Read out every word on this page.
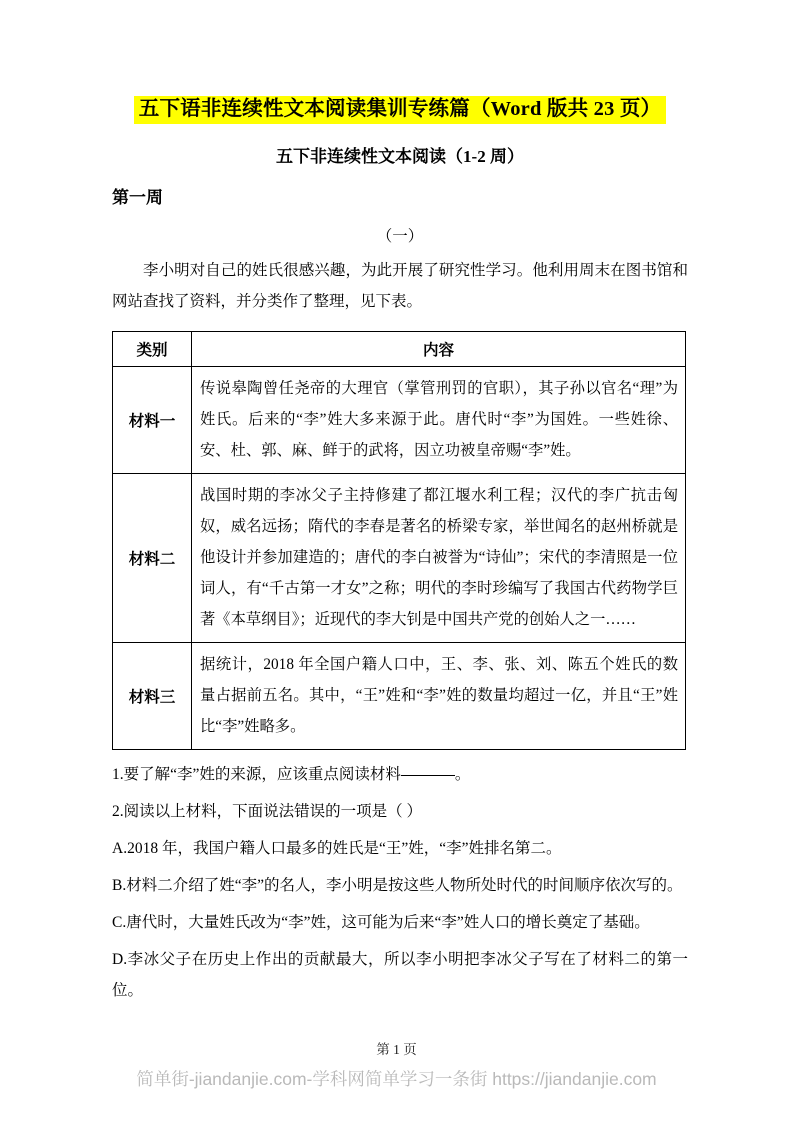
五下语非连续性文本阅读集训专练篇（Word 版共 23 页）
五下非连续性文本阅读（1-2 周）
第一周

（一）

李小明对自己的姓氏很感兴趣，为此开展了研究性学习。他利用周末在图书馆和网站查找了资料，并分类作了整理，见下表。

类别	内容
材料一	传说皋陶曾任尧帝的大理官（掌管刑罚的官职），其子孙以官名“理”为姓氏。后来的“李”姓大多来源于此。唐代时“李”为国姓。一些姓徐、安、杜、郭、麻、鲜于的武将，因立功被皇帝赐“李”姓。
材料二	战国时期的李冰父子主持修建了都江堰水利工程；汉代的李广抗击匈奴，威名远扬；隋代的李春是著名的桥梁专家，举世闻名的赵州桥就是他设计并参加建造的；唐代的李白被誉为“诗仙”；宋代的李清照是一位词人，有“千古第一才女”之称；明代的李时珍编写了我国古代药物学巨著《本草纲目》；近现代的李大钊是中国共产党的创始人之一……
材料三	据统计，2018 年全国户籍人口中，王、李、张、刘、陈五个姓氏的数量占据前五名。其中，“王”姓和“李”姓的数量均超过一亿，并且“王”姓比“李”姓略多。

1.要了解“李”姓的来源，应该重点阅读材料	。

2.阅读以上材料，下面说法错误的一项是（ ）

A.2018 年，我国户籍人口最多的姓氏是“王”姓，“李”姓排名第二。

B.材料二介绍了姓“李”的名人，李小明是按这些人物所处时代的时间顺序依次写的。

C.唐代时，大量姓氏改为“李”姓，这可能为后来“李”姓人口的增长奠定了基础。

D.李冰父子在历史上作出的贡献最大，所以李小明把李冰父子写在了材料二的第一位。

第 1 页
简单街-jiandanjie.com-学科网简单学习一条街 https://jiandanjie.com
